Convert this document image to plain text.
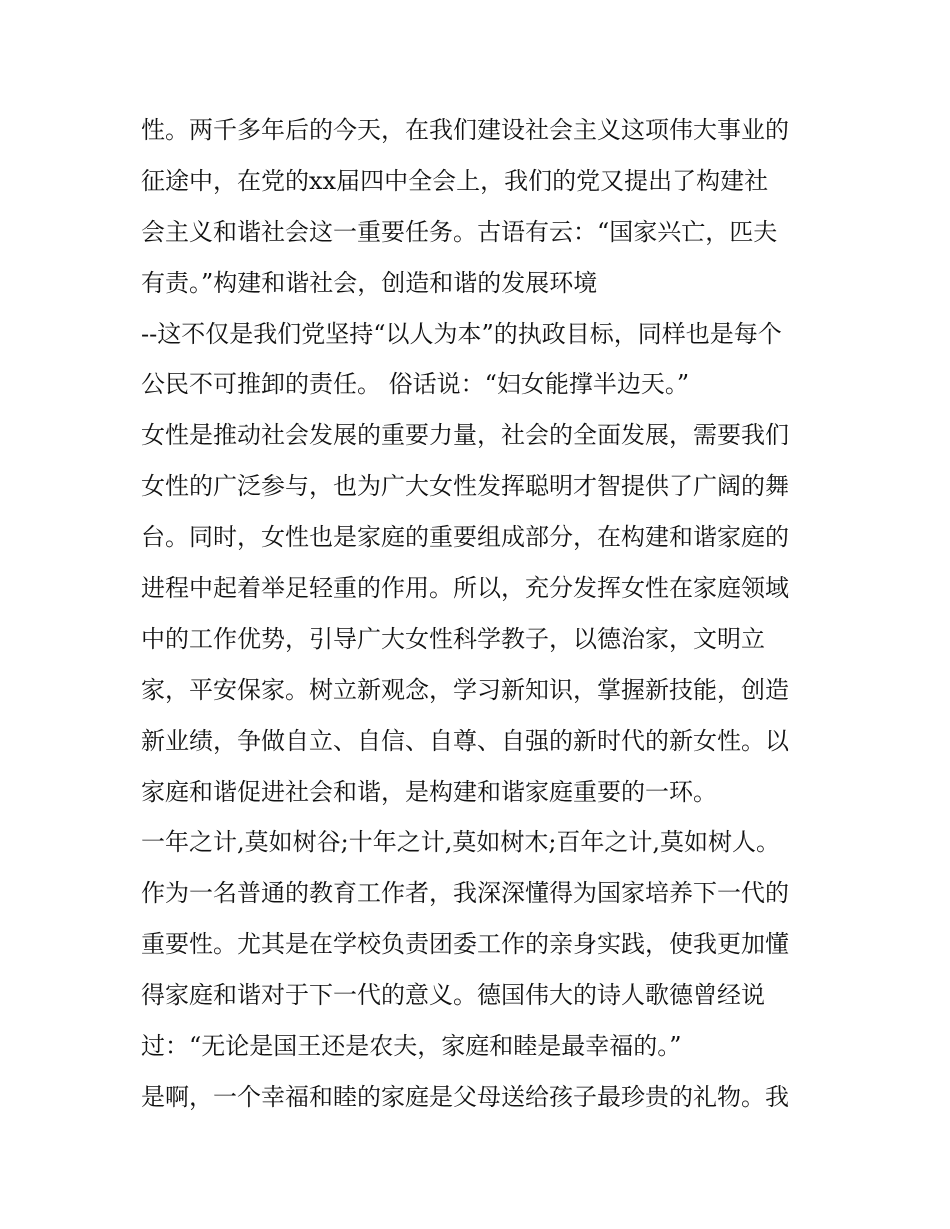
性。两千多年后的今天，在我们建设社会主义这项伟大事业的
征途中，在党的xx届四中全会上，我们的党又提出了构建社
会主义和谐社会这一重要任务。古语有云：“国家兴亡，匹夫
有责。”构建和谐社会，创造和谐的发展环境
--这不仅是我们党坚持“以人为本”的执政目标，同样也是每个
公民不可推卸的责任。 俗话说：“妇女能撑半边天。”
女性是推动社会发展的重要力量，社会的全面发展，需要我们
女性的广泛参与，也为广大女性发挥聪明才智提供了广阔的舞
台。同时，女性也是家庭的重要组成部分，在构建和谐家庭的
进程中起着举足轻重的作用。所以，充分发挥女性在家庭领域
中的工作优势，引导广大女性科学教子，以德治家，文明立
家，平安保家。树立新观念，学习新知识，掌握新技能，创造
新业绩，争做自立、自信、自尊、自强的新时代的新女性。以
家庭和谐促进社会和谐，是构建和谐家庭重要的一环。
一年之计,莫如树谷;十年之计,莫如树木;百年之计,莫如树人。
作为一名普通的教育工作者，我深深懂得为国家培养下一代的
重要性。尤其是在学校负责团委工作的亲身实践，使我更加懂
得家庭和谐对于下一代的意义。德国伟大的诗人歌德曾经说
过：“无论是国王还是农夫，家庭和睦是最幸福的。”
是啊，一个幸福和睦的家庭是父母送给孩子最珍贵的礼物。我
